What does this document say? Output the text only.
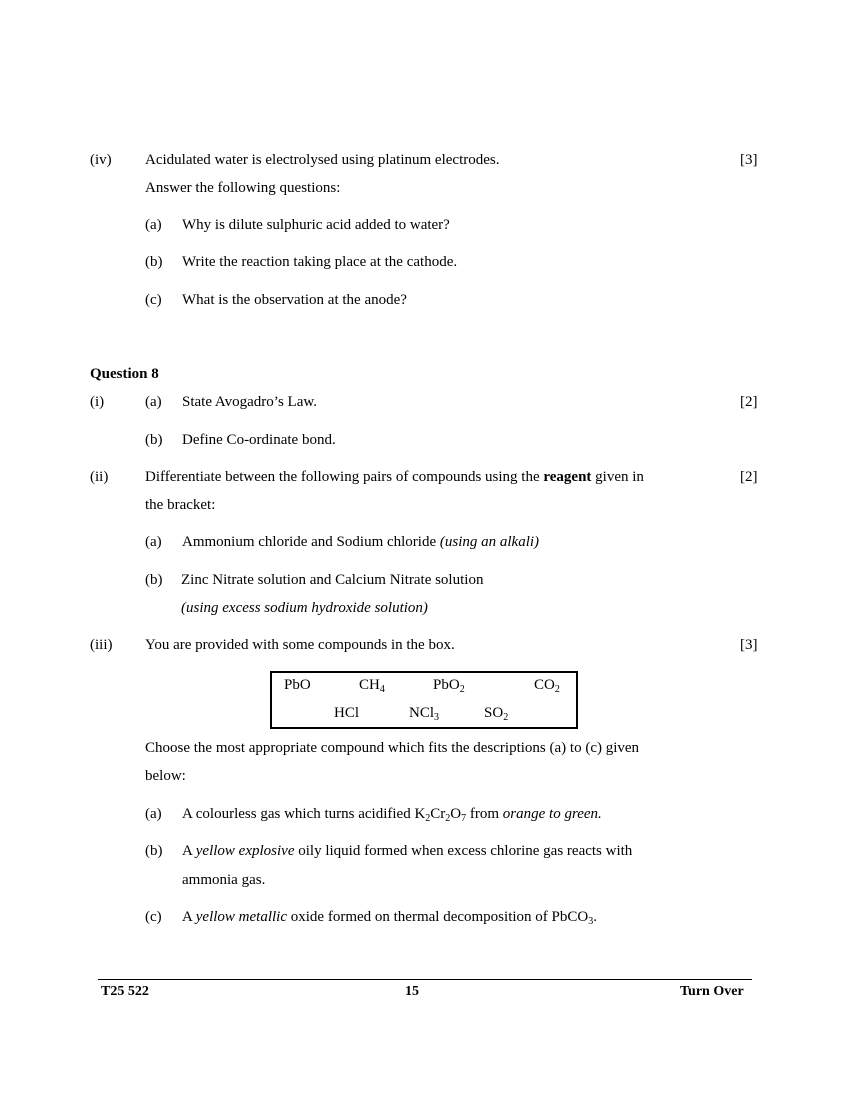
(iv) Acidulated water is electrolysed using platinum electrodes.	[3]
Answer the following questions:
(a) Why is dilute sulphuric acid added to water?
(b) Write the reaction taking place at the cathode.
(c) What is the observation at the anode?
Question 8
(i)	(a) State Avogadro’s Law.	[2]
(b) Define Co-ordinate bond.
(ii) Differentiate between the following pairs of compounds using the reagent given in	[2]
the bracket:
(a) Ammonium chloride and Sodium chloride (using an alkali)
(b) Zinc Nitrate solution and Calcium Nitrate solution
(using excess sodium hydroxide solution)
(iii) You are provided with some compounds in the box.	[3]
PbO	$CH_4$	PbO$_2$	$CO_2$
HCl	NCl$_3$	$SO_2$
Choose the most appropriate compound which fits the descriptions (a) to (c) given
below:
(a) A colourless gas which turns acidified $K_2Cr_2O_7$ from orange to green.
(b) A yellow explosive oily liquid formed when excess chlorine gas reacts with
ammonia gas.
(c) A yellow metallic oxide formed on thermal decomposition of PbCO$_3$.
T25 522	15	Turn Over
